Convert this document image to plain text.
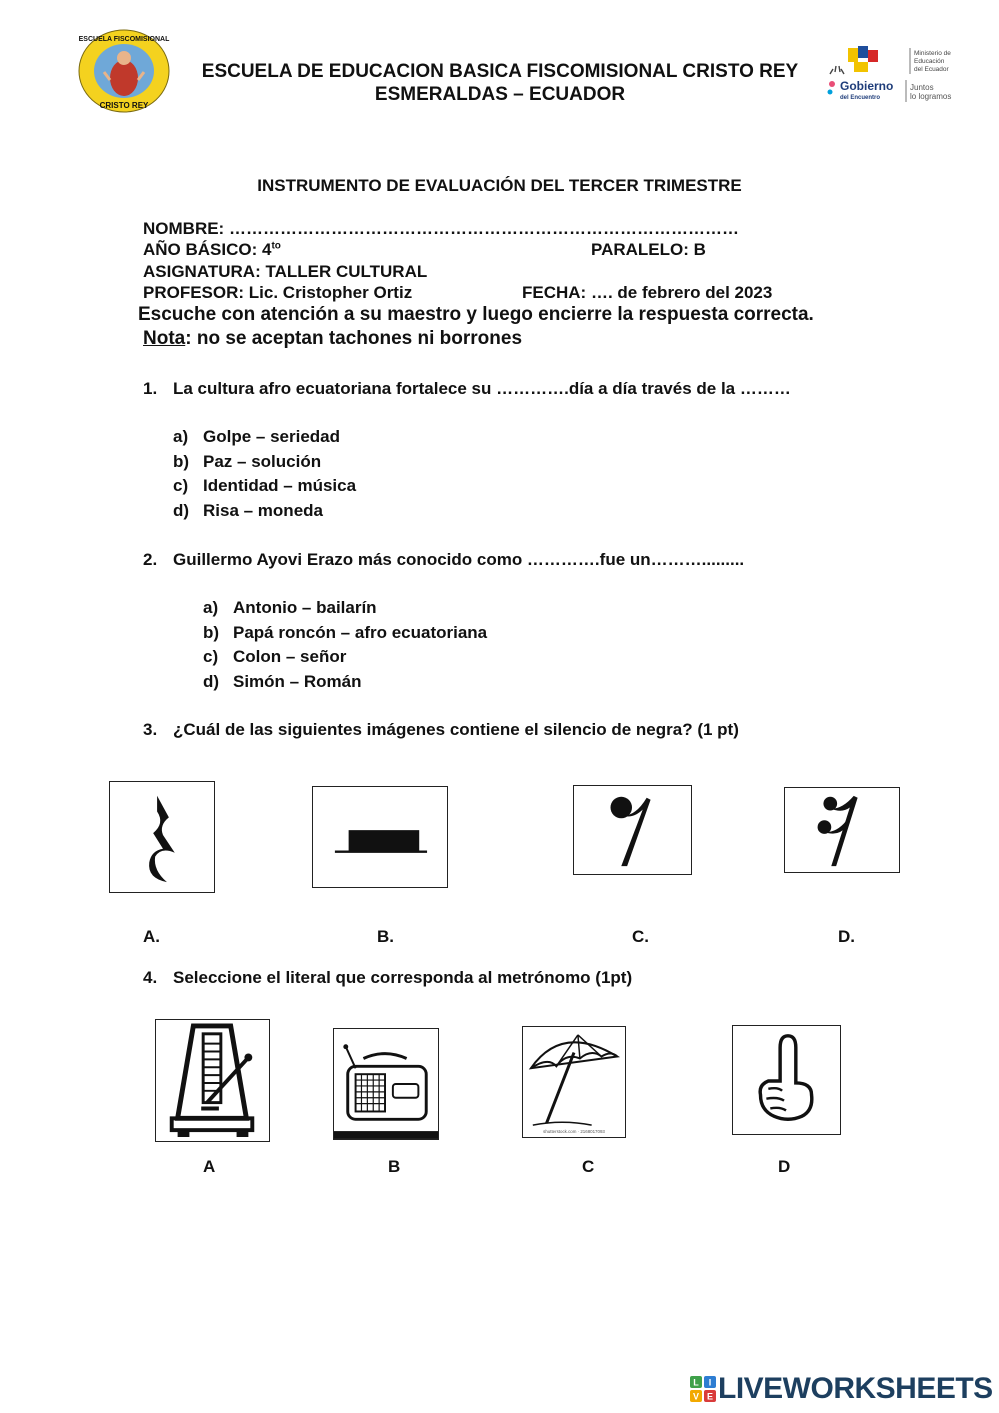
ESCUELA FISCOMISIONAL
CRISTO REY
ESCUELA DE EDUCACION BASICA FISCOMISIONAL CRISTO REY
ESMERALDAS – ECUADOR	Gobierno
del Encuentro
Juntos
lo logramos
Ministerio de
Educación
del Ecuador
INSTRUMENTO DE EVALUACIÓN DEL TERCER TRIMESTRE
NOMBRE: ………………………………………………………………………………
AÑO BÁSICO: $4^{to}$	PARALELO: B
ASIGNATURA: TALLER CULTURAL
PROFESOR: Lic. Cristopher Ortiz	FECHA: …. de febrero del 2023
Escuche con atención a su maestro y luego encierre la respuesta correcta.
Nota: no se aceptan tachones ni borrones
1. La cultura afro ecuatoriana fortalece su ………….día a día través de la ………
a) Golpe – seriedad
b) Paz – solución
c) Identidad – música
d) Risa – moneda
2. Guillermo Ayovi Erazo más conocido como ………….fue un……….........
a) Antonio – bailarín
b) Papá roncón – afro ecuatoriana
c) Colon – señor
d) Simón – Román
3. ¿Cuál de las siguientes imágenes contiene el silencio de negra? (1 pt)
A.	B.	C.	D.
4. Seleccione el literal que corresponda al metrónomo (1pt)
shutterstock.com · 2168017093
A	B	C	D
L I
V E LIVEWORKSHEETS
